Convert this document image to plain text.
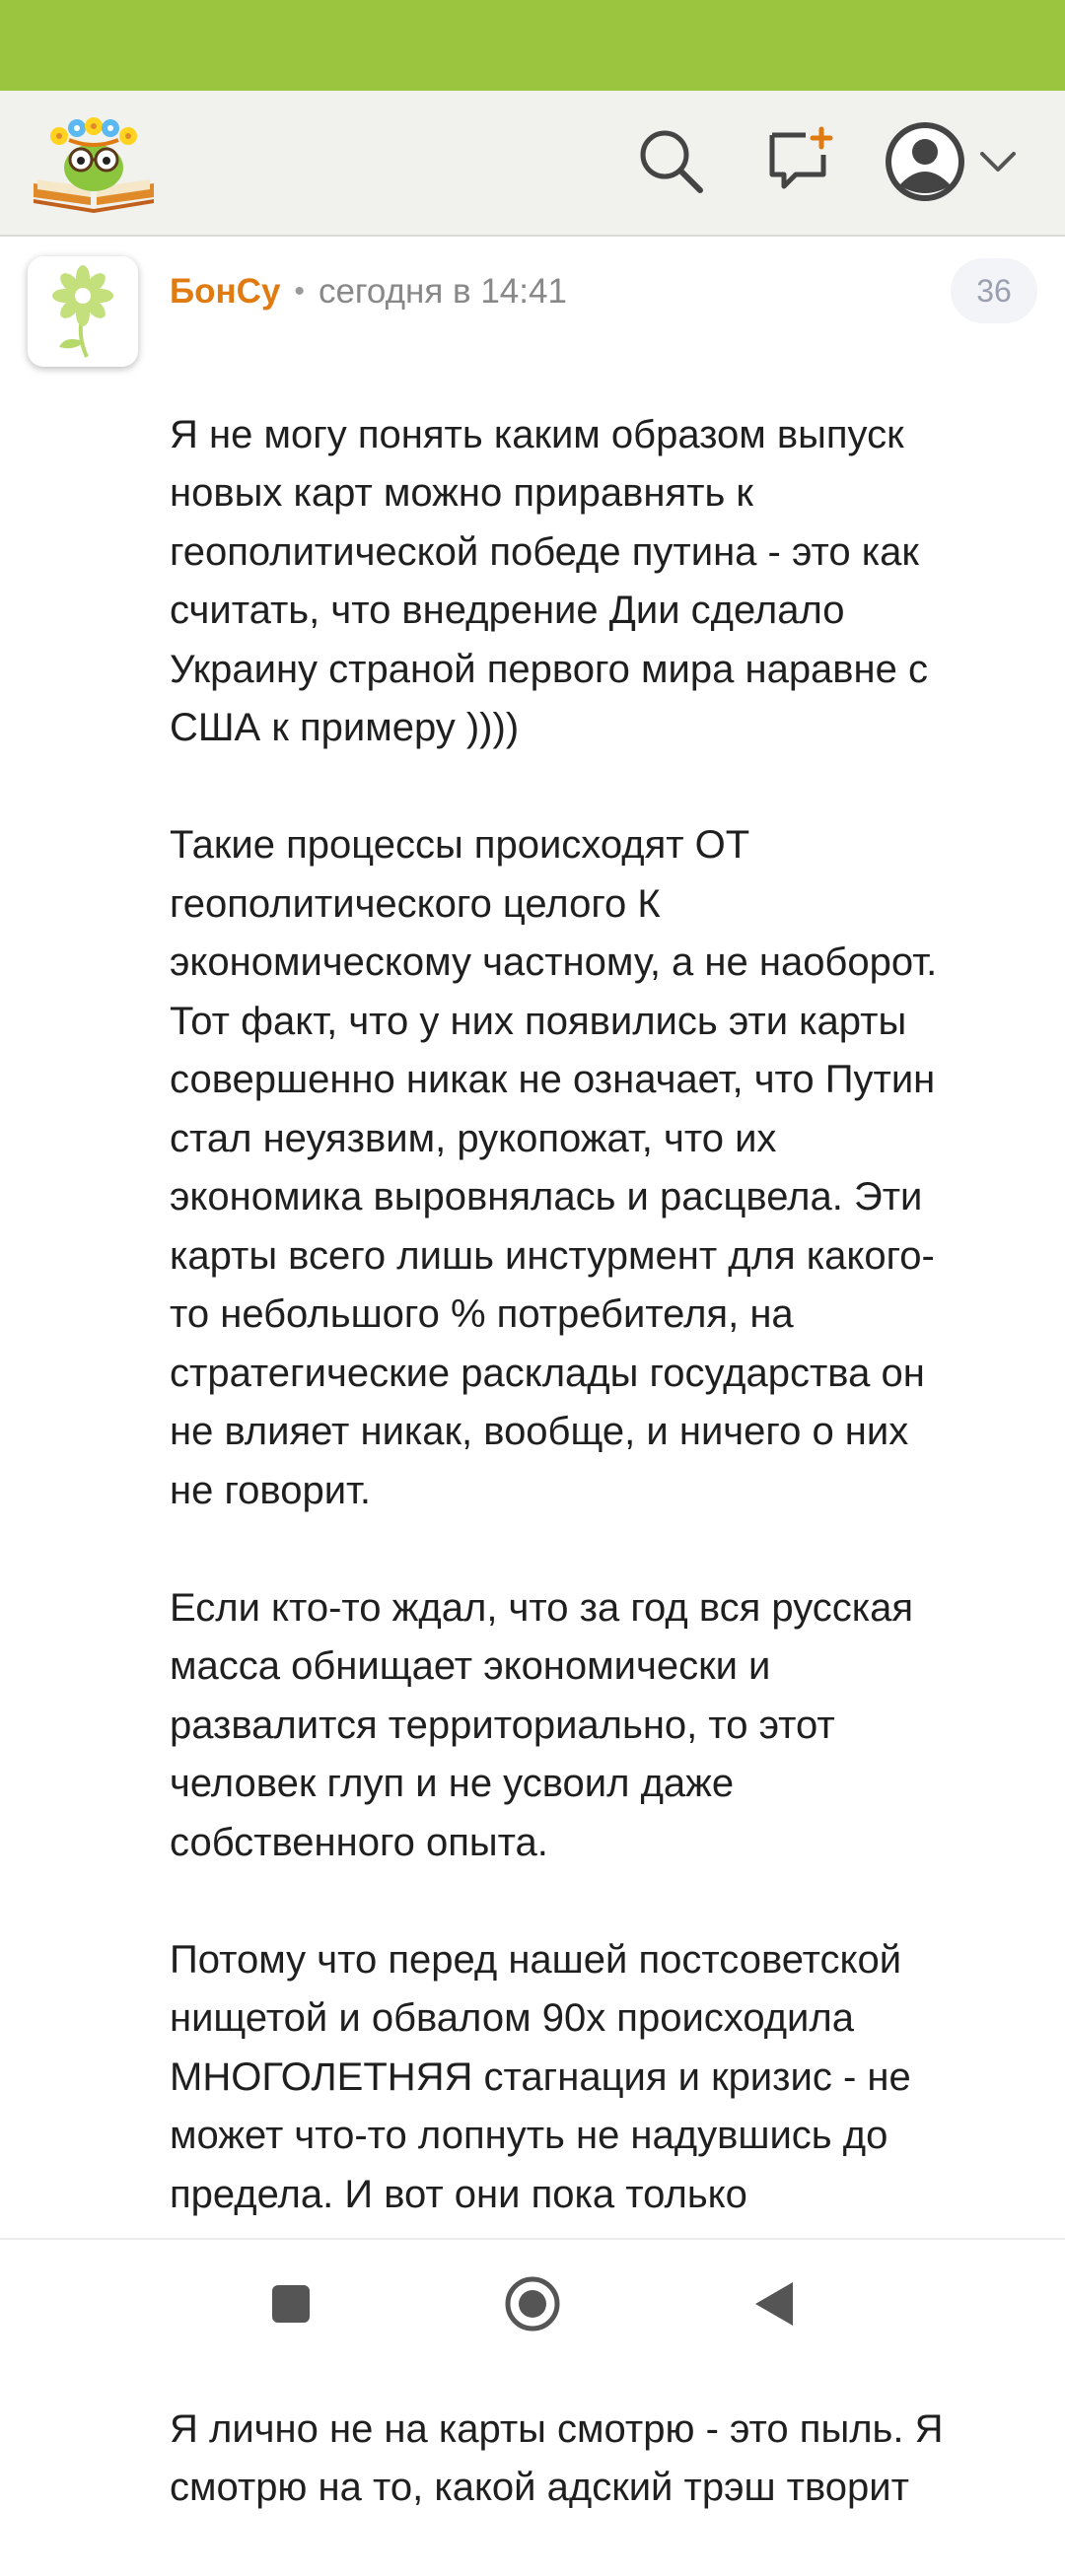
БонСу • сегодня в 14:41	36

Я не могу понять каким образом выпуск
новых карт можно приравнять к
геополитической победе путина - это как
считать, что внедрение Дии сделало
Украину страной первого мира наравне с
США к примеру ))))

Такие процессы происходят ОТ
геополитического целого К
экономическому частному, а не наоборот.
Тот факт, что у них появились эти карты
совершенно никак не означает, что Путин
стал неуязвим, рукопожат, что их
экономика выровнялась и расцвела. Эти
карты всего лишь инстурмент для какого-
то небольшого % потребителя, на
стратегические расклады государства он
не влияет никак, вообще, и ничего о них
не говорит.

Если кто-то ждал, что за год вся русская
масса обнищает экономически и
развалится территориально, то этот
человек глуп и не усвоил даже
собственного опыта.

Потому что перед нашей постсоветской
нищетой и обвалом 90х происходила
МНОГОЛЕТНЯЯ стагнация и кризис - не
может что-то лопнуть не надувшись до
предела. И вот они пока только

Я лично не на карты смотрю - это пыль. Я
смотрю на то, какой адский трэш творит
